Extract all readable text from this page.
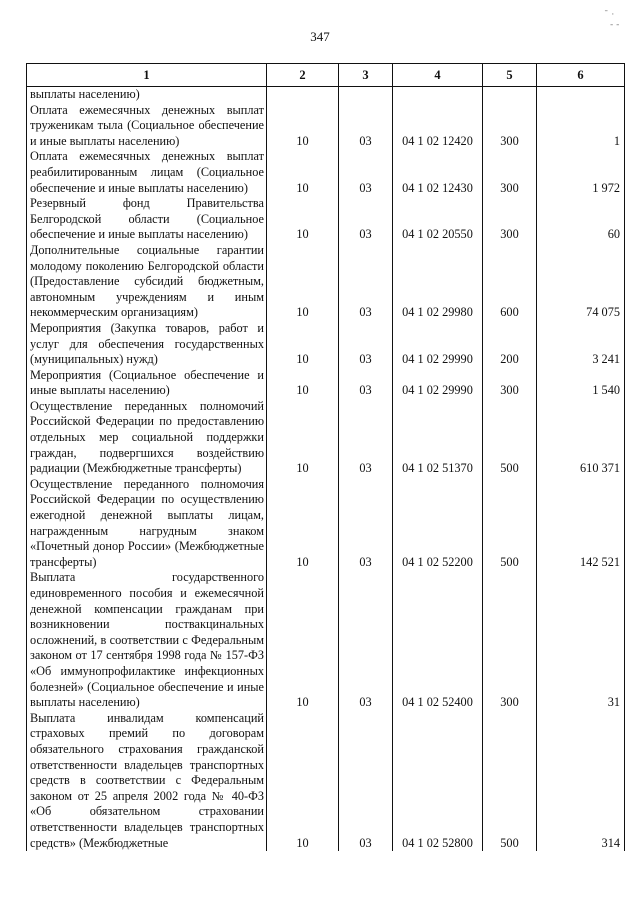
347
1	2	3	4	5	6
выплаты населению)					
Оплата ежемесячных денежных выплат труженикам тыла (Социальное обеспечение и иные выплаты населению)	10	03	04 1 02 12420	300	1
Оплата ежемесячных денежных выплат реабилитированным лицам (Социальное обеспечение и иные выплаты населению)	10	03	04 1 02 12430	300	1 972
Резервный фонд Правительства Белгородской области (Социальное обеспечение и иные выплаты населению)	10	03	04 1 02 20550	300	60
Дополнительные социальные гарантии молодому поколению Белгородской области (Предоставление субсидий бюджетным, автономным учреждениям и иным некоммерческим организациям)	10	03	04 1 02 29980	600	74 075
Мероприятия (Закупка товаров, работ и услуг для обеспечения государственных (муниципальных) нужд)	10	03	04 1 02 29990	200	3 241
Мероприятия (Социальное обеспечение и иные выплаты населению)	10	03	04 1 02 29990	300	1 540
Осуществление переданных полномочий Российской Федерации по предоставлению отдельных мер социальной поддержки граждан, подвергшихся воздействию радиации (Межбюджетные трансферты)	10	03	04 1 02 51370	500	610 371
Осуществление переданного полномочия Российской Федерации по осуществлению ежегодной денежной выплаты лицам, награжденным нагрудным знаком «Почетный донор России» (Межбюджетные трансферты)	10	03	04 1 02 52200	500	142 521
Выплата государственного единовременного пособия и ежемесячной денежной компенсации гражданам при возникновении поствакцинальных осложнений, в соответствии с Федеральным законом от 17 сентября 1998 года № 157-ФЗ «Об иммунопрофилактике инфекционных болезней» (Социальное обеспечение и иные выплаты населению)	10	03	04 1 02 52400	300	31
Выплата инвалидам компенсаций страховых премий по договорам обязательного страхования гражданской ответственности владельцев транспортных средств в соответствии с Федеральным законом от 25 апреля 2002 года № 40-ФЗ «Об обязательном страховании ответственности владельцев транспортных средств» (Межбюджетные	10	03	04 1 02 52800	500	314
ˉ ·
‐ ‐
